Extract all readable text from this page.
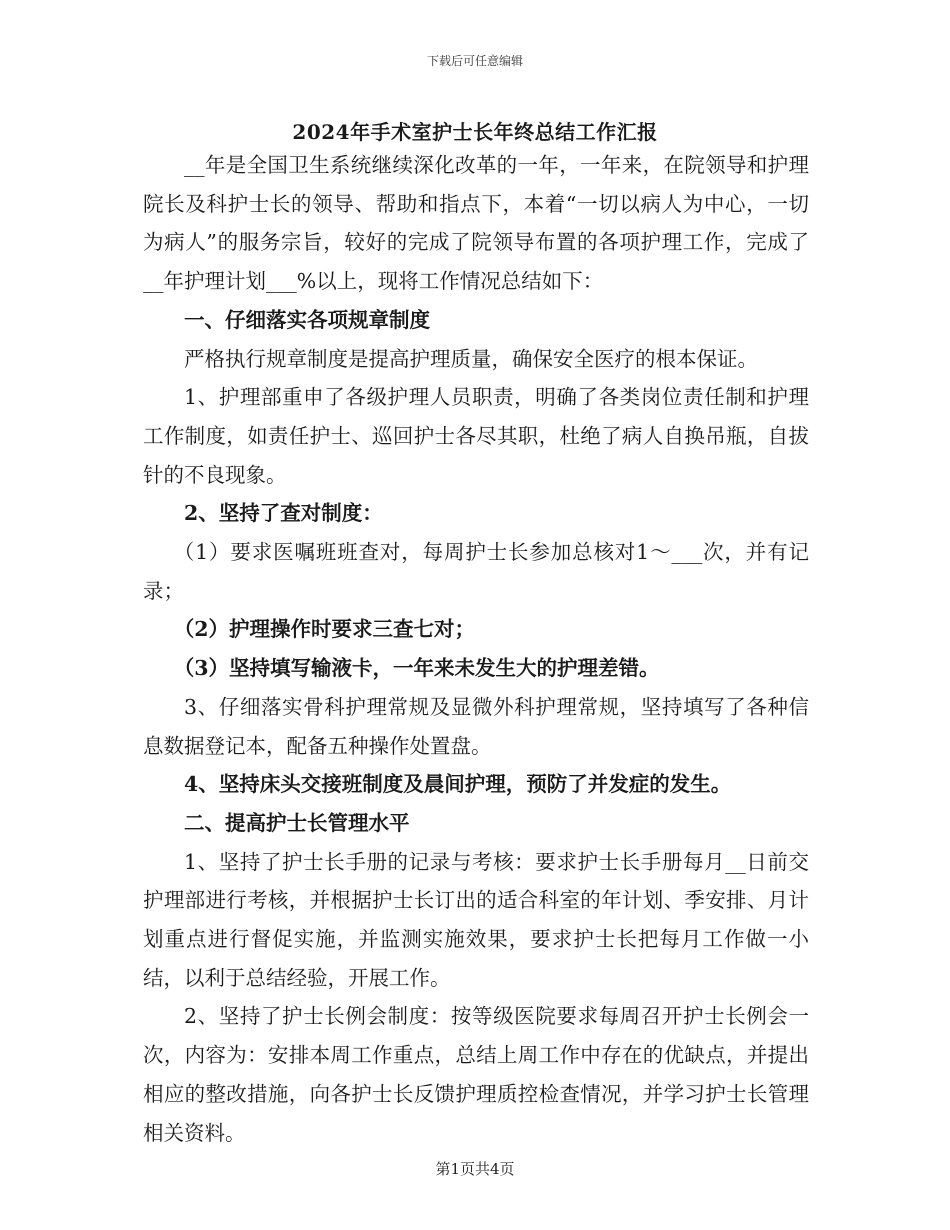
下载后可任意编辑
2024年手术室护士长年终总结工作汇报

__年是全国卫生系统继续深化改革的一年，一年来，在院领导和护理院长及科护士长的领导、帮助和指点下，本着“一切以病人为中心，一切为病人”的服务宗旨，较好的完成了院领导布置的各项护理工作，完成了__年护理计划___%以上，现将工作情况总结如下：

一、仔细落实各项规章制度

严格执行规章制度是提高护理质量，确保安全医疗的根本保证。

1、护理部重申了各级护理人员职责，明确了各类岗位责任制和护理工作制度，如责任护士、巡回护士各尽其职，杜绝了病人自换吊瓶，自拔针的不良现象。

2、坚持了查对制度：

（1）要求医嘱班班查对，每周护士长参加总核对1～___次，并有记录；

（2）护理操作时要求三查七对；

（3）坚持填写输液卡，一年来未发生大的护理差错。

3、仔细落实骨科护理常规及显微外科护理常规，坚持填写了各种信息数据登记本，配备五种操作处置盘。

4、坚持床头交接班制度及晨间护理，预防了并发症的发生。

二、提高护士长管理水平

1、坚持了护士长手册的记录与考核：要求护士长手册每月__日前交护理部进行考核，并根据护士长订出的适合科室的年计划、季安排、月计划重点进行督促实施，并监测实施效果，要求护士长把每月工作做一小结，以利于总结经验，开展工作。

2、坚持了护士长例会制度：按等级医院要求每周召开护士长例会一次，内容为：安排本周工作重点，总结上周工作中存在的优缺点，并提出相应的整改措施，向各护士长反馈护理质控检查情况，并学习护士长管理相关资料。

第1页共4页
